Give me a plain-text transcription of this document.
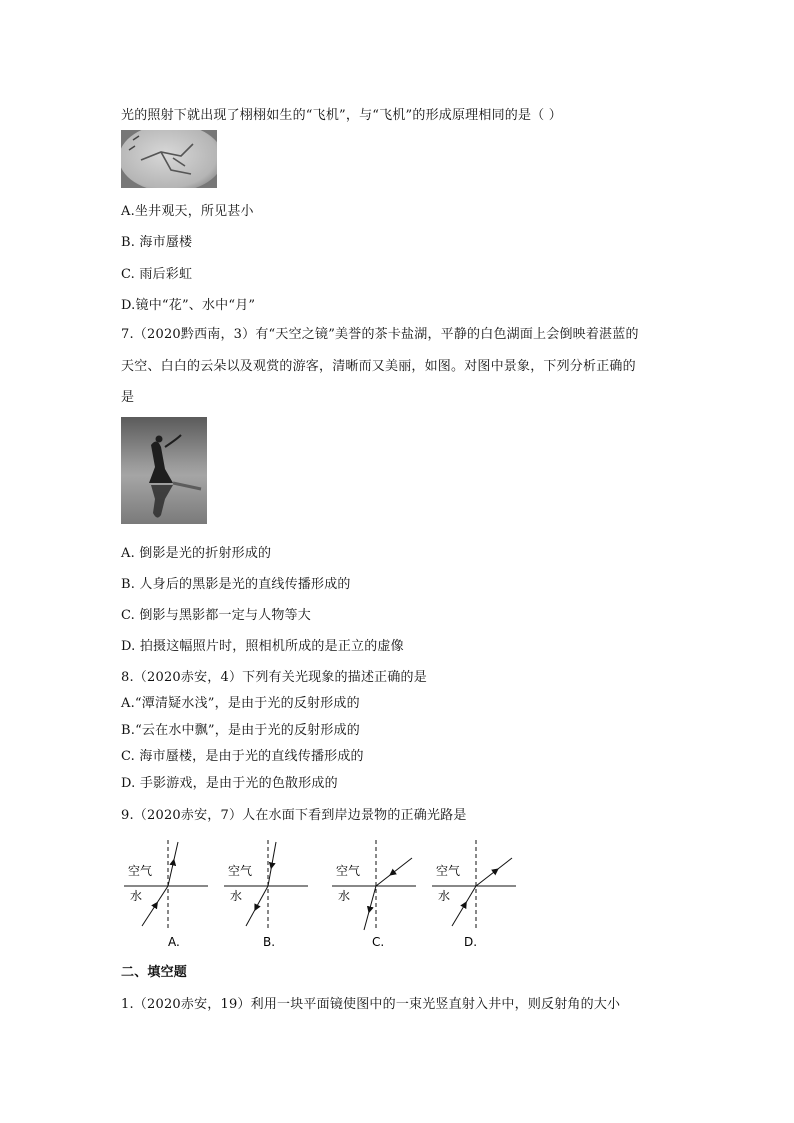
光的照射下就出现了栩栩如生的“飞机”，与“飞机”的形成原理相同的是（ ）
A.坐井观天，所见甚小
B. 海市蜃楼
C. 雨后彩虹
D.镜中“花”、水中“月”
7.（2020黔西南，3）有“天空之镜”美誉的茶卡盐湖，平静的白色湖面上会倒映着湛蓝的
天空、白白的云朵以及观赏的游客，清晰而又美丽，如图。对图中景象，下列分析正确的
是
A. 倒影是光的折射形成的
B. 人身后的黑影是光的直线传播形成的
C. 倒影与黑影都一定与人物等大
D. 拍摄这幅照片时，照相机所成的是正立的虚像
8.（2020赤安，4）下列有关光现象的描述正确的是
A.“潭清疑水浅”，是由于光的反射形成的
B.“云在水中飘”，是由于光的反射形成的
C. 海市蜃楼，是由于光的直线传播形成的
D. 手影游戏，是由于光的色散形成的
9.（2020赤安，7）人在水面下看到岸边景物的正确光路是
空气
水
A.
空气
水
B.
空气
水
C.
空气
水
D.
二、填空题
1.（2020赤安，19）利用一块平面镜使图中的一束光竖直射入井中，则反射角的大小
